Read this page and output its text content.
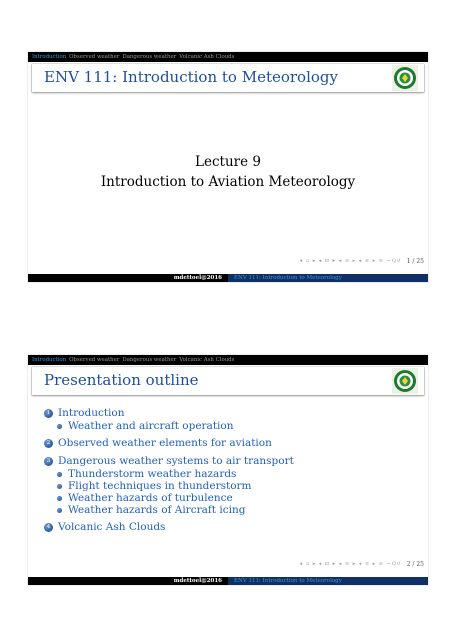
Introduction Observed weather Dangerous weather Volcanic Ash Clouds
ENV 111: Introduction to Meteorology
Lecture 9
Introduction to Aviation Meteorology
◂ ▫ ▸ ◂ ⊡ ▸ ◂ ≡ ▸ ◂ ≡ ▸ ≡ ∽Q↺ 1 / 25
mdettoel@2016	ENV 111: Introduction to Meteorology
Introduction Observed weather Dangerous weather Volcanic Ash Clouds
Presentation outline
1 Introduction
Weather and aircraft operation
2 Observed weather elements for aviation
3 Dangerous weather systems to air transport
Thunderstorm weather hazards
Flight techniques in thunderstorm
Weather hazards of turbulence
Weather hazards of Aircraft icing
4 Volcanic Ash Clouds
◂ ▫ ▸ ◂ ⊡ ▸ ◂ ≡ ▸ ◂ ≡ ▸ ≡ ∽Q↺ 2 / 25
mdettoel@2016	ENV 111: Introduction to Meteorology
